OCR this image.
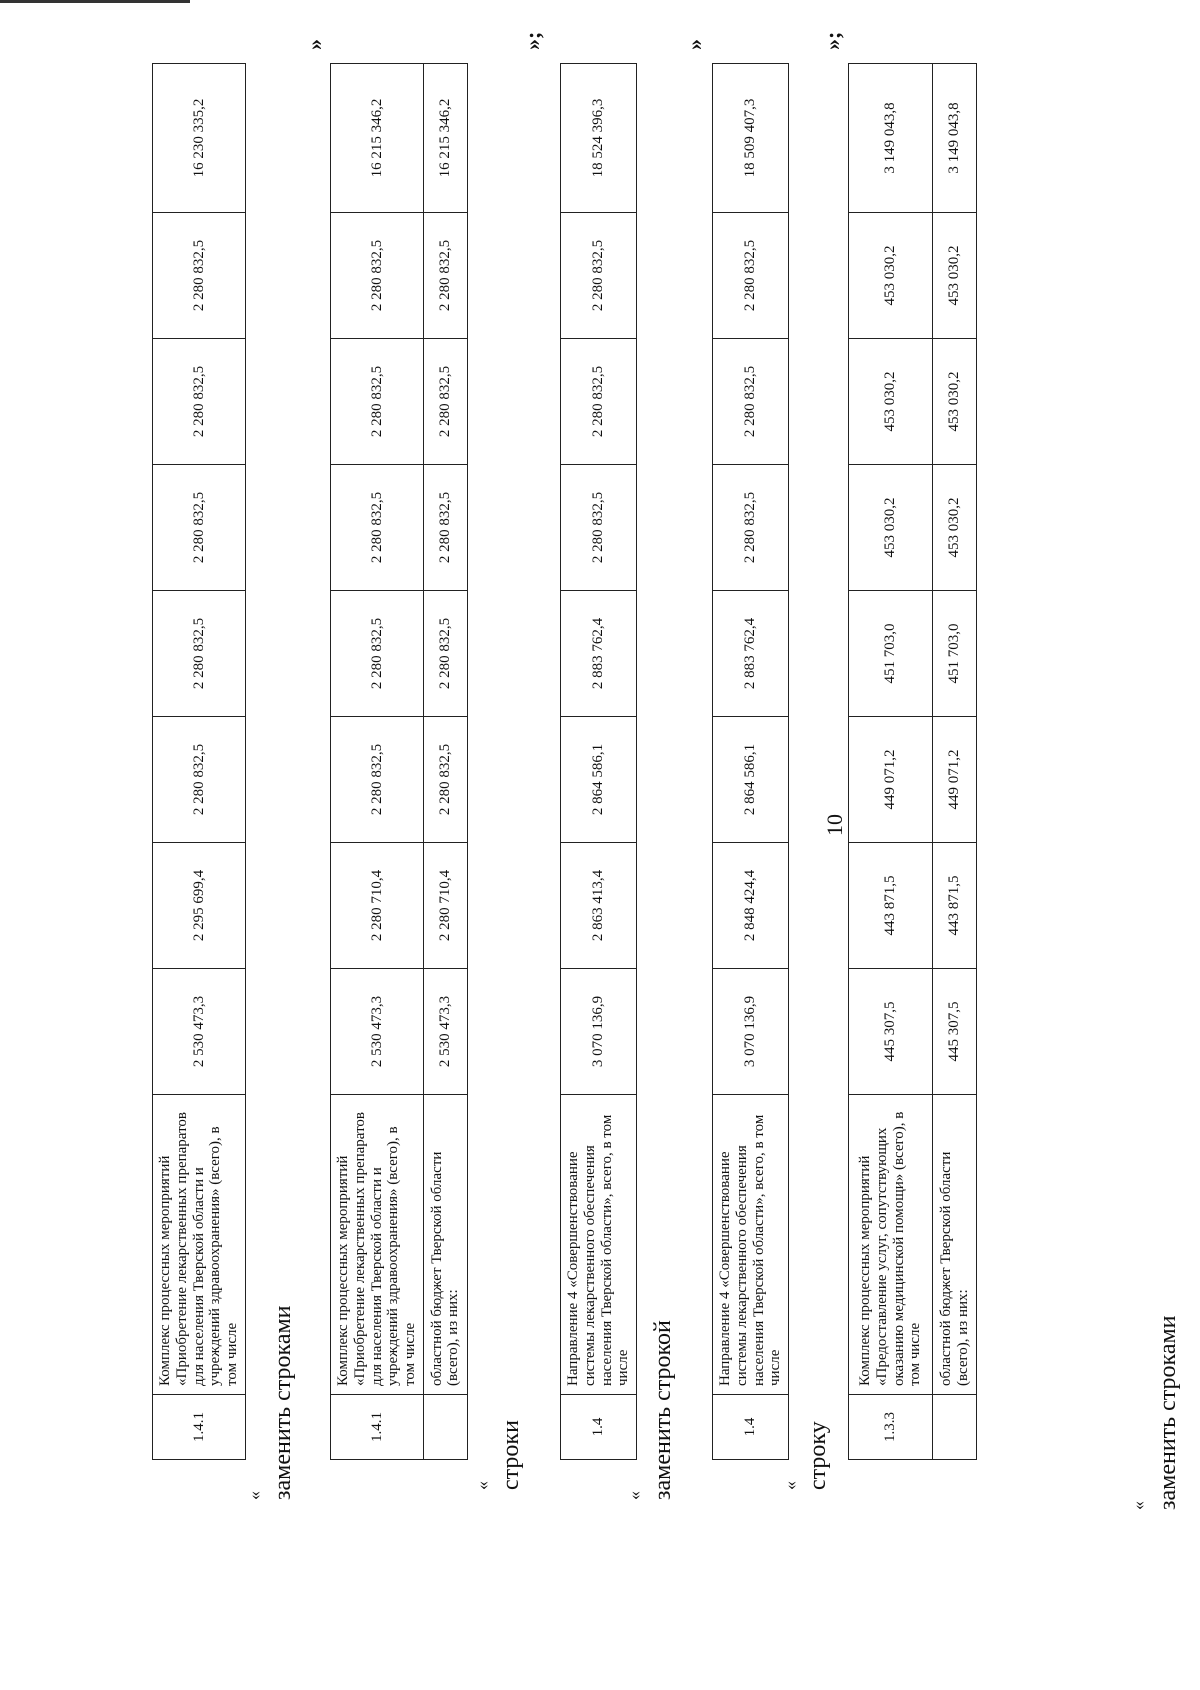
10
заменить строками
«
1.3.3	Комплекс процессных мероприятий «Предоставление услуг, сопутствующих оказанию медицинской помощи» (всего), в том числе	445 307,5	443 871,5	449 071,2	451 703,0	453 030,2	453 030,2	453 030,2	3 149 043,8
	областной бюджет Тверской области (всего), из них:	445 307,5	443 871,5	449 071,2	451 703,0	453 030,2	453 030,2	453 030,2	3 149 043,8
»;
строку
«
1.4	Направление 4 «Совершенствование системы лекарственного обеспечения населения Тверской области», всего, в том числе	3 070 136,9	2 848 424,4	2 864 586,1	2 883 762,4	2 280 832,5	2 280 832,5	2 280 832,5	18 509 407,3
»
заменить строкой
«
1.4	Направление 4 «Совершенствование системы лекарственного обеспечения населения Тверской области», всего, в том числе	3 070 136,9	2 863 413,4	2 864 586,1	2 883 762,4	2 280 832,5	2 280 832,5	2 280 832,5	18 524 396,3
»;
строки
«
1.4.1	Комплекс процессных мероприятий «Приобретение лекарственных препаратов для населения Тверской области и учреждений здравоохранения» (всего), в том числе	2 530 473,3	2 280 710,4	2 280 832,5	2 280 832,5	2 280 832,5	2 280 832,5	2 280 832,5	16 215 346,2
	областной бюджет Тверской области (всего), из них:	2 530 473,3	2 280 710,4	2 280 832,5	2 280 832,5	2 280 832,5	2 280 832,5	2 280 832,5	16 215 346,2
»
заменить строками
«
1.4.1	Комплекс процессных мероприятий «Приобретение лекарственных препаратов для населения Тверской области и учреждений здравоохранения» (всего), в том числе	2 530 473,3	2 295 699,4	2 280 832,5	2 280 832,5	2 280 832,5	2 280 832,5	2 280 832,5	16 230 335,2
